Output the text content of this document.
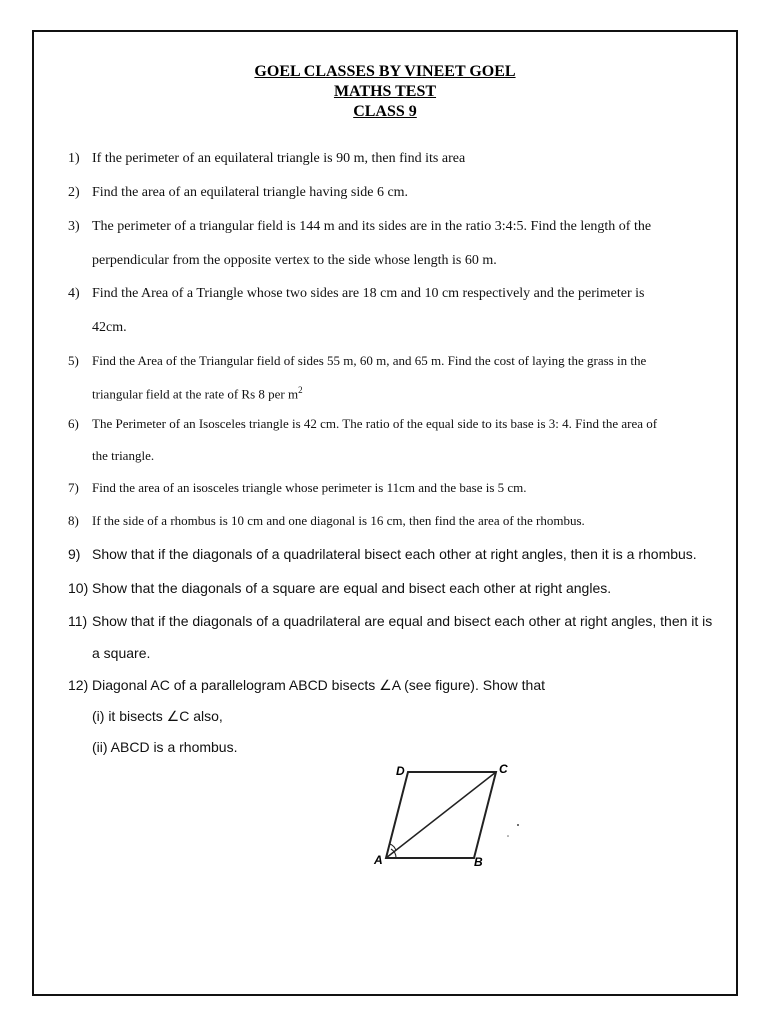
GOEL CLASSES BY VINEET GOEL
MATHS TEST
CLASS 9
1) If the perimeter of an equilateral triangle is 90 m, then find its area
2) Find the area of an equilateral triangle having side 6 cm.
3) The perimeter of a triangular field is 144 m and its sides are in the ratio 3:4:5. Find the length of the
perpendicular from the opposite vertex to the side whose length is 60 m.
4) Find the Area of a Triangle whose two sides are 18 cm and 10 cm respectively and the perimeter is
42cm.
5) Find the Area of the Triangular field of sides 55 m, 60 m, and 65 m. Find the cost of laying the grass in the
triangular field at the rate of Rs 8 per $m^2$
6) The Perimeter of an Isosceles triangle is 42 cm. The ratio of the equal side to its base is 3: 4. Find the area of
the triangle.
7) Find the area of an isosceles triangle whose perimeter is 11cm and the base is 5 cm.
8) If the side of a rhombus is 10 cm and one diagonal is 16 cm, then find the area of the rhombus.
9) Show that if the diagonals of a quadrilateral bisect each other at right angles, then it is a rhombus.
10) Show that the diagonals of a square are equal and bisect each other at right angles.
11) Show that if the diagonals of a quadrilateral are equal and bisect each other at right angles, then it is
a square.
12) Diagonal AC of a parallelogram ABCD bisects ∠A (see figure). Show that
(i) it bisects ∠C also,
(ii) ABCD is a rhombus.
A	B
C
D
